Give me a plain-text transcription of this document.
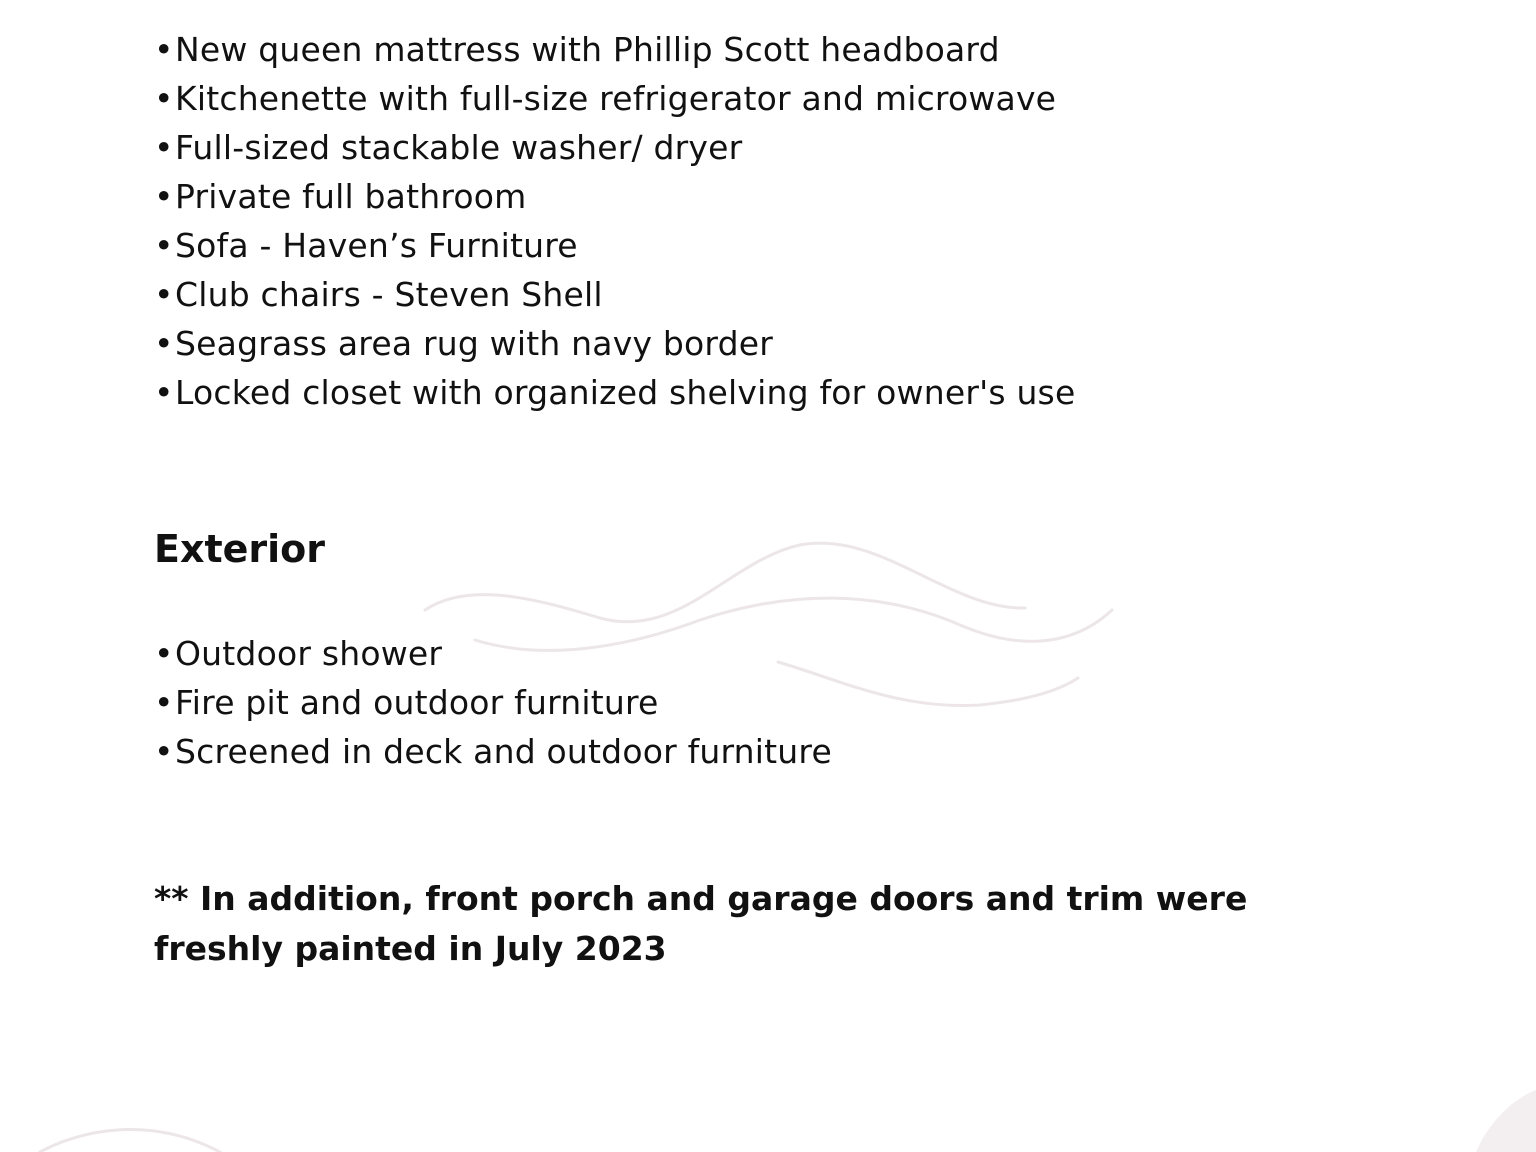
•New queen mattress with Phillip Scott headboard
•Kitchenette with full-size refrigerator and microwave
•Full-sized stackable washer/ dryer
•Private full bathroom
•Sofa - Haven’s Furniture
•Club chairs - Steven Shell
•Seagrass area rug with navy border
•Locked closet with organized shelving for owner's use
Exterior
•Outdoor shower
•Fire pit and outdoor furniture
•Screened in deck and outdoor furniture

** In addition, front porch and garage doors and trim were
freshly painted in July 2023
